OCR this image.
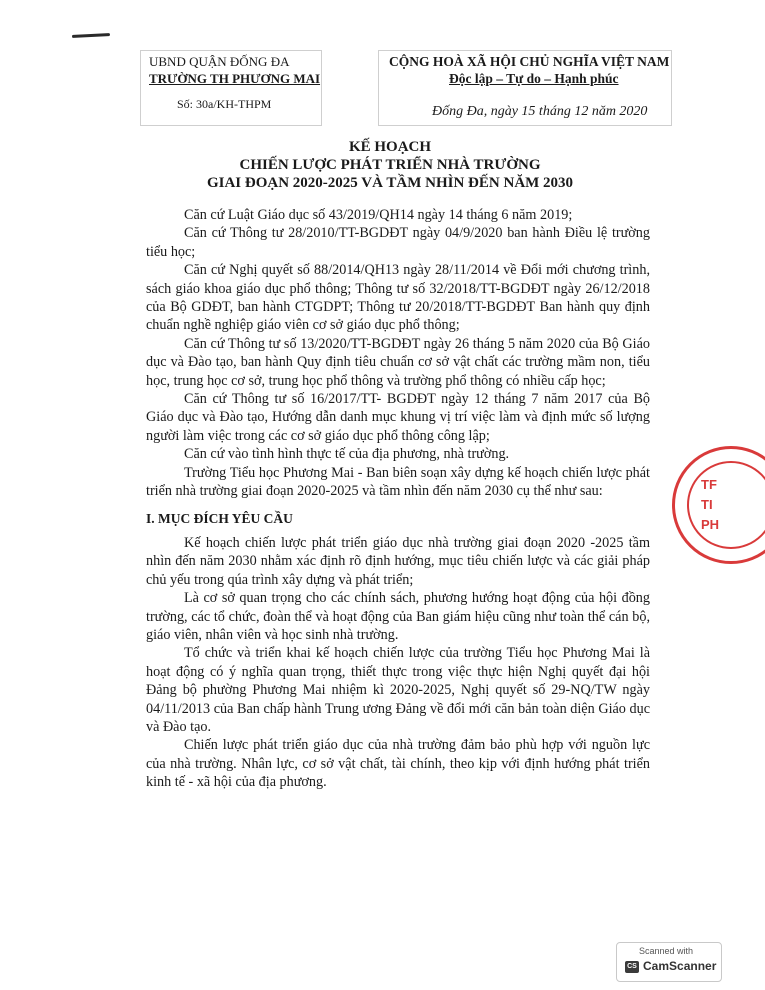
UBND QUẬN ĐỐNG ĐA
TRƯỜNG TH PHƯƠNG MAI
Số: 30a/KH-THPM
CỘNG HOÀ XÃ HỘI CHỦ NGHĨA VIỆT NAM
Độc lập – Tự do – Hạnh phúc
Đống Đa, ngày 15 tháng 12 năm 2020
KẾ HOẠCH
CHIẾN LƯỢC PHÁT TRIỂN NHÀ TRƯỜNG
GIAI ĐOẠN 2020-2025 VÀ TẦM NHÌN ĐẾN NĂM 2030

Căn cứ Luật Giáo dục số 43/2019/QH14 ngày 14 tháng 6 năm 2019;

Căn cứ Thông tư 28/2010/TT-BGDĐT ngày 04/9/2020 ban hành Điều lệ trường tiểu học;

Căn cứ Nghị quyết số 88/2014/QH13 ngày 28/11/2014 về Đổi mới chương trình, sách giáo khoa giáo dục phổ thông; Thông tư số 32/2018/TT-BGDĐT ngày 26/12/2018 của Bộ GDĐT, ban hành CTGDPT; Thông tư 20/2018/TT-BGDĐT Ban hành quy định chuẩn nghề nghiệp giáo viên cơ sở giáo dục phổ thông;

Căn cứ Thông tư số 13/2020/TT-BGDĐT ngày 26 tháng 5 năm 2020 của Bộ Giáo dục và Đào tạo, ban hành Quy định tiêu chuẩn cơ sở vật chất các trường mầm non, tiểu học, trung học cơ sở, trung học phổ thông và trường phổ thông có nhiều cấp học;

Căn cứ Thông tư số 16/2017/TT- BGDĐT ngày 12 tháng 7 năm 2017 của Bộ Giáo dục và Đào tạo, Hướng dẫn danh mục khung vị trí việc làm và định mức số lượng người làm việc trong các cơ sở giáo dục phổ thông công lập;

Căn cứ vào tình hình thực tế của địa phương, nhà trường.

Trường Tiểu học Phương Mai - Ban biên soạn xây dựng kế hoạch chiến lược phát triển nhà trường giai đoạn 2020-2025 và tầm nhìn đến năm 2030 cụ thể như sau:

I. MỤC ĐÍCH YÊU CẦU

Kế hoạch chiến lược phát triển giáo dục nhà trường giai đoạn 2020 -2025 tầm nhìn đến năm 2030 nhằm xác định rõ định hướng, mục tiêu chiến lược và các giải pháp chủ yếu trong qúa trình xây dựng và phát triển;

Là cơ sở quan trọng cho các chính sách, phương hướng hoạt động của hội đồng trường, các tổ chức, đoàn thể và hoạt động của Ban giám hiệu cũng như toàn thể cán bộ, giáo viên, nhân viên và học sinh nhà trường.

Tổ chức và triển khai kế hoạch chiến lược của trường Tiểu học Phương Mai là hoạt động có ý nghĩa quan trọng, thiết thực trong việc thực hiện Nghị quyết đại hội Đảng bộ phường Phương Mai nhiệm kì 2020-2025, Nghị quyết số 29-NQ/TW ngày 04/11/2013 của Ban chấp hành Trung ương Đảng về đổi mới căn bản toàn diện Giáo dục và Đào tạo.

Chiến lược phát triển giáo dục của nhà trường đảm bảo phù hợp với nguồn lực của nhà trường. Nhân lực, cơ sở vật chất, tài chính, theo kịp với định hướng phát triển kinh tế - xã hội của địa phương.

TF
TI
PH
Scanned with
CS CamScanner
